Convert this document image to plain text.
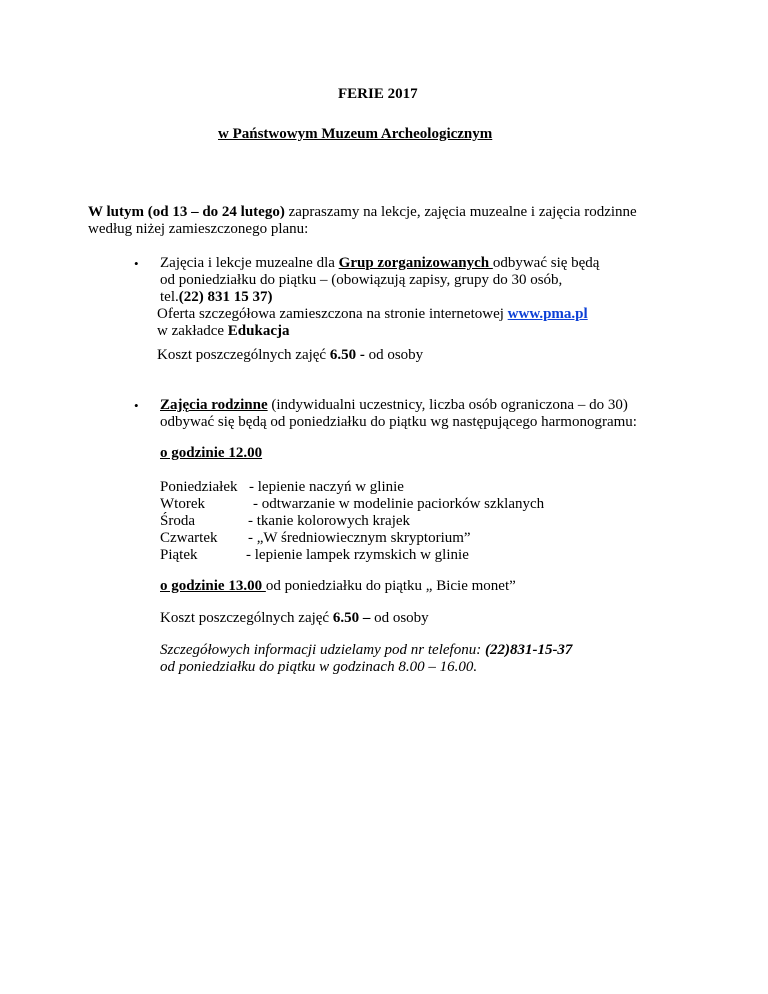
FERIE 2017
w Państwowym Muzeum Archeologicznym
W lutym (od 13 – do 24 lutego) zapraszamy na lekcje, zajęcia muzealne i zajęcia rodzinne
według niżej zamieszczonego planu:
• Zajęcia i lekcje muzealne dla Grup zorganizowanych odbywać się będą
od poniedziałku do piątku – (obowiązują zapisy, grupy do 30 osób,
tel.(22) 831 15 37)
Oferta szczegółowa zamieszczona na stronie internetowej www.pma.pl
w zakładce Edukacja
Koszt poszczególnych zajęć 6.50 - od osoby
• Zajęcia rodzinne (indywidualni uczestnicy, liczba osób ograniczona – do 30)
odbywać się będą od poniedziałku do piątku wg następującego harmonogramu:
o godzinie 12.00
Poniedziałek - lepienie naczyń w glinie
Wtorek	- odtwarzanie w modelinie paciorków szklanych
Środa	- tkanie kolorowych krajek
Czwartek - „W średniowiecznym skryptorium”
Piątek	- lepienie lampek rzymskich w glinie
o godzinie 13.00 od poniedziałku do piątku „ Bicie monet”
Koszt poszczególnych zajęć 6.50 – od osoby
Szczegółowych informacji udzielamy pod nr telefonu: (22)831-15-37
od poniedziałku do piątku w godzinach 8.00 – 16.00.
